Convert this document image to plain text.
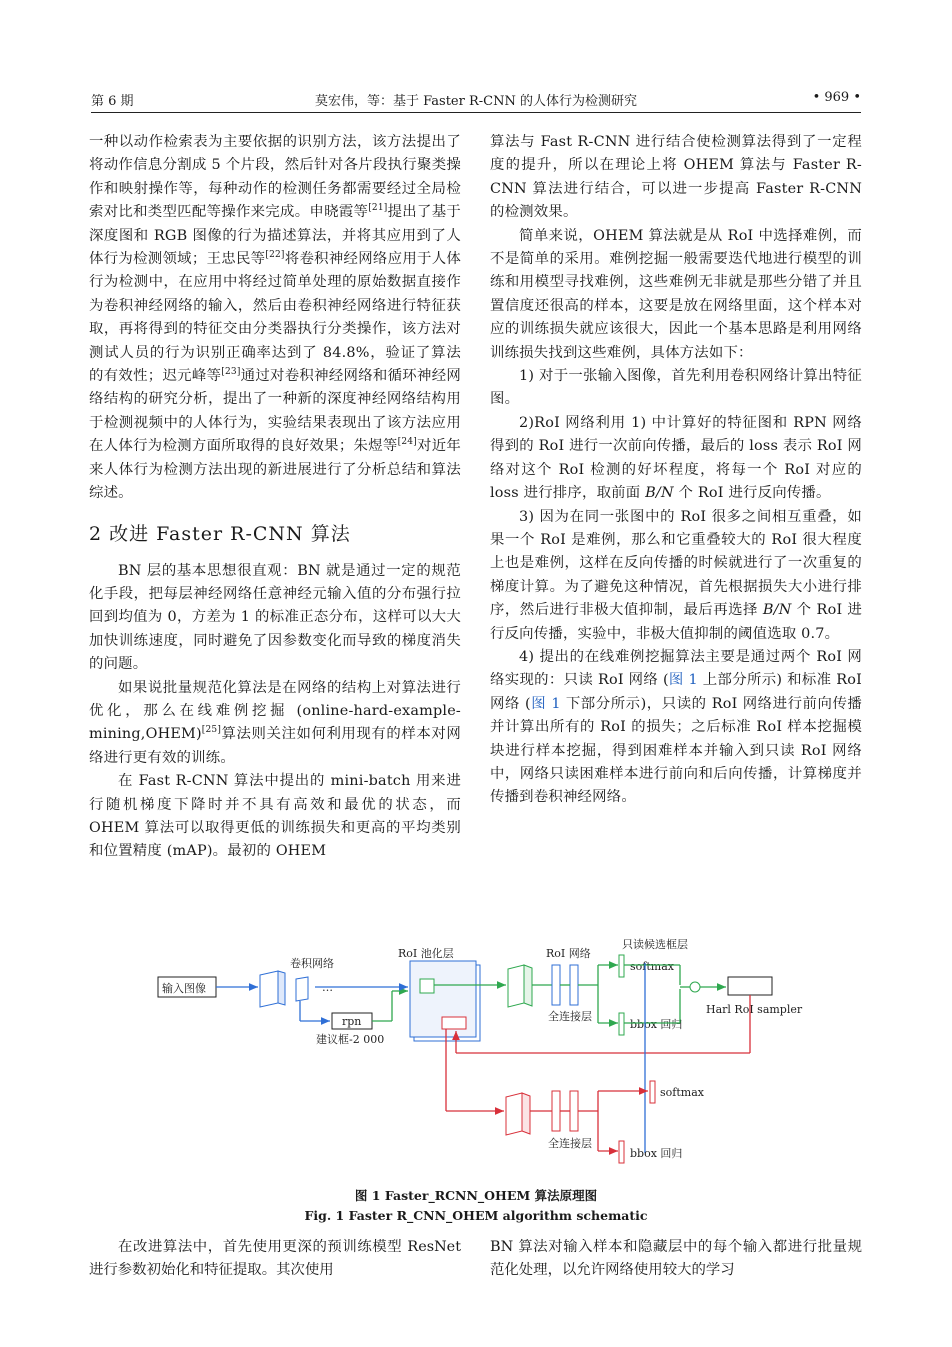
第 6 期	莫宏伟，等：基于 Faster R-CNN 的人体行为检测研究	• 969 •

一种以动作检索表为主要依据的识别方法，该方法提出了将动作信息分割成 5 个片段，然后针对各片段执行聚类操作和映射操作等，每种动作的检测任务都需要经过全局检索对比和类型匹配等操作来完成。申晓霞等[21]提出了基于深度图和 RGB 图像的行为描述算法，并将其应用到了人体行为检测领域；王忠民等[22]将卷积神经网络应用于人体行为检测中，在应用中将经过简单处理的原始数据直接作为卷积神经网络的输入，然后由卷积神经网络进行特征获取，再将得到的特征交由分类器执行分类操作，该方法对测试人员的行为识别正确率达到了 84.8%，验证了算法的有效性；迟元峰等[23]通过对卷积神经网络和循环神经网络结构的研究分析，提出了一种新的深度神经网络结构用于检测视频中的人体行为，实验结果表现出了该方法应用在人体行为检测方面所取得的良好效果；朱煜等[24]对近年来人体行为检测方法出现的新进展进行了分析总结和算法综述。

2 改进 Faster R-CNN 算法

BN 层的基本思想很直观：BN 就是通过一定的规范化手段，把每层神经网络任意神经元输入值的分布强行拉回到均值为 0，方差为 1 的标准正态分布，这样可以大大加快训练速度，同时避免了因参数变化而导致的梯度消失的问题。

如果说批量规范化算法是在网络的结构上对算法进行优化，那么在线难例挖掘 (online-hard-example-mining,OHEM)[25]算法则关注如何利用现有的样本对网络进行更有效的训练。

在 Fast R-CNN 算法中提出的 mini-batch 用来进行随机梯度下降时并不具有高效和最优的状态，而 OHEM 算法可以取得更低的训练损失和更高的平均类别和位置精度 (mAP)。最初的 OHEM

算法与 Fast R-CNN 进行结合使检测算法得到了一定程度的提升，所以在理论上将 OHEM 算法与 Faster R-CNN 算法进行结合，可以进一步提高 Faster R-CNN 的检测效果。

简单来说，OHEM 算法就是从 RoI 中选择难例，而不是简单的采用。难例挖掘一般需要迭代地进行模型的训练和用模型寻找难例，这些难例无非就是那些分错了并且置信度还很高的样本，这要是放在网络里面，这个样本对应的训练损失就应该很大，因此一个基本思路是利用网络训练损失找到这些难例，具体方法如下：

1) 对于一张输入图像，首先利用卷积网络计算出特征图。

2)RoI 网络利用 1) 中计算好的特征图和 RPN 网络得到的 RoI 进行一次前向传播，最后的 loss 表示 RoI 网络对这个 RoI 检测的好坏程度，将每一个 RoI 对应的 loss 进行排序，取前面 B/N 个 RoI 进行反向传播。

3) 因为在同一张图中的 RoI 很多之间相互重叠，如果一个 RoI 是难例，那么和它重叠较大的 RoI 很大程度上也是难例，这样在反向传播的时候就进行了一次重复的梯度计算。为了避免这种情况，首先根据损失大小进行排序，然后进行非极大值抑制，最后再选择 B/N 个 RoI 进行反向传播，实验中，非极大值抑制的阈值选取 0.7。

4) 提出的在线难例挖掘算法主要是通过两个 RoI 网络实现的：只读 RoI 网络 (图 1 上部分所示) 和标准 RoI 网络 (图 1 下部分所示)，只读的 RoI 网络进行前向传播并计算出所有的 RoI 的损失；之后标准 RoI 样本挖掘模块进行样本挖掘，得到困难样本并输入到只读 RoI 网络中，网络只读困难样本进行前向和后向传播，计算梯度并传播到卷积神经网络。

输入图像
卷积网络
…
rpn
建议框-2 000
RoI 池化层	RoI 网络
全连接层
只读候选框层
softmax
bbox 回归
Harl RoI sampler
全连接层
softmax
bbox 回归
图 1 Faster_RCNN_OHEM 算法原理图
Fig. 1 Faster R_CNN_OHEM algorithm schematic

在改进算法中，首先使用更深的预训练模型 ResNet 进行参数初始化和特征提取。其次使用

BN 算法对输入样本和隐藏层中的每个输入都进行批量规范化处理，以允许网络使用较大的学习
